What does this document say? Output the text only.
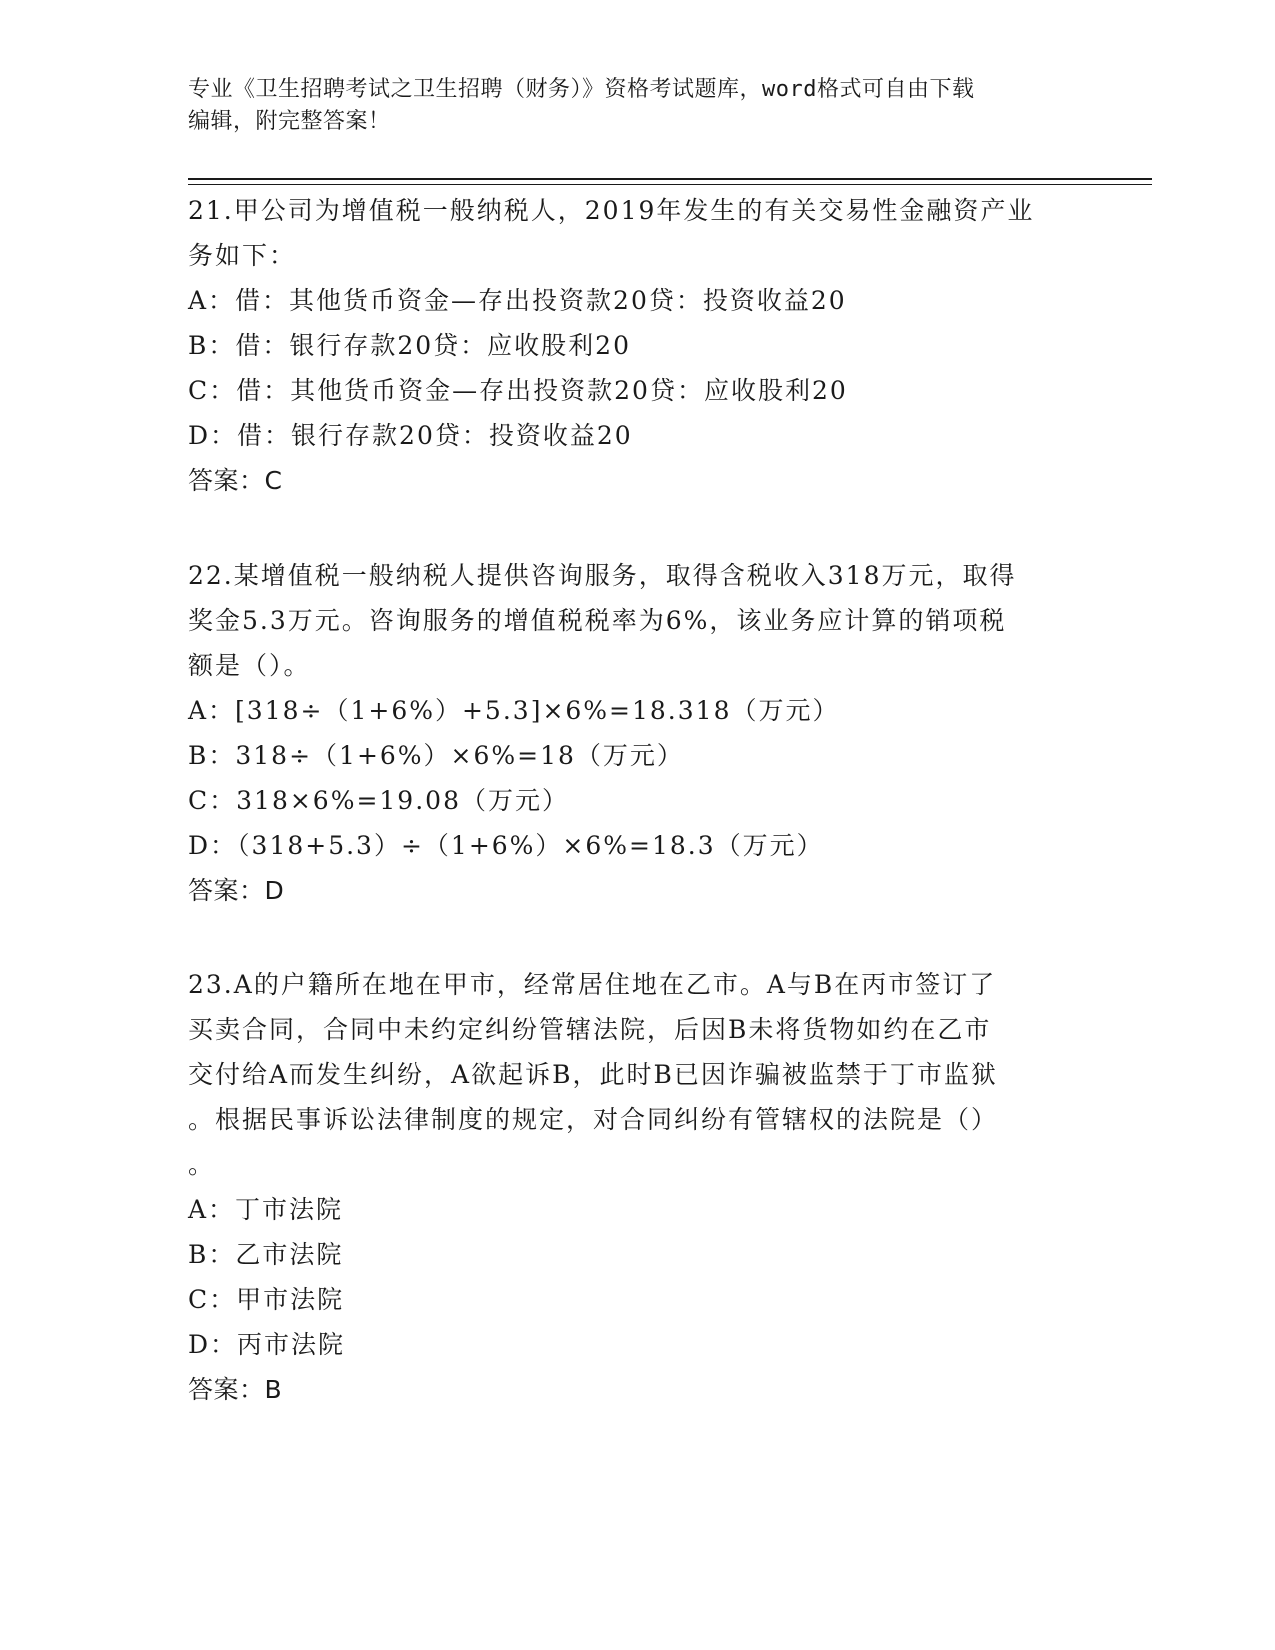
专业《卫生招聘考试之卫生招聘（财务）》资格考试题库，word格式可自由下载
编辑，附完整答案！
21.甲公司为增值税一般纳税人，2019年发生的有关交易性金融资产业
务如下：
A：借：其他货币资金—存出投资款20贷：投资收益20
B：借：银行存款20贷：应收股利20
C：借：其他货币资金—存出投资款20贷：应收股利20
D：借：银行存款20贷：投资收益20
答案：C
22.某增值税一般纳税人提供咨询服务，取得含税收入318万元，取得
奖金5.3万元。咨询服务的增值税税率为6%，该业务应计算的销项税
额是（）。
A：[318÷（1+6%）+5.3]×6%=18.318（万元）
B：318÷（1+6%）×6%=18（万元）
C：318×6%=19.08（万元）
D：（318+5.3）÷（1+6%）×6%=18.3（万元）
答案：D
23.A的户籍所在地在甲市，经常居住地在乙市。A与B在丙市签订了
买卖合同，合同中未约定纠纷管辖法院，后因B未将货物如约在乙市
交付给A而发生纠纷，A欲起诉B，此时B已因诈骗被监禁于丁市监狱
。根据民事诉讼法律制度的规定，对合同纠纷有管辖权的法院是（）
。
A：丁市法院
B：乙市法院
C：甲市法院
D：丙市法院
答案：B
